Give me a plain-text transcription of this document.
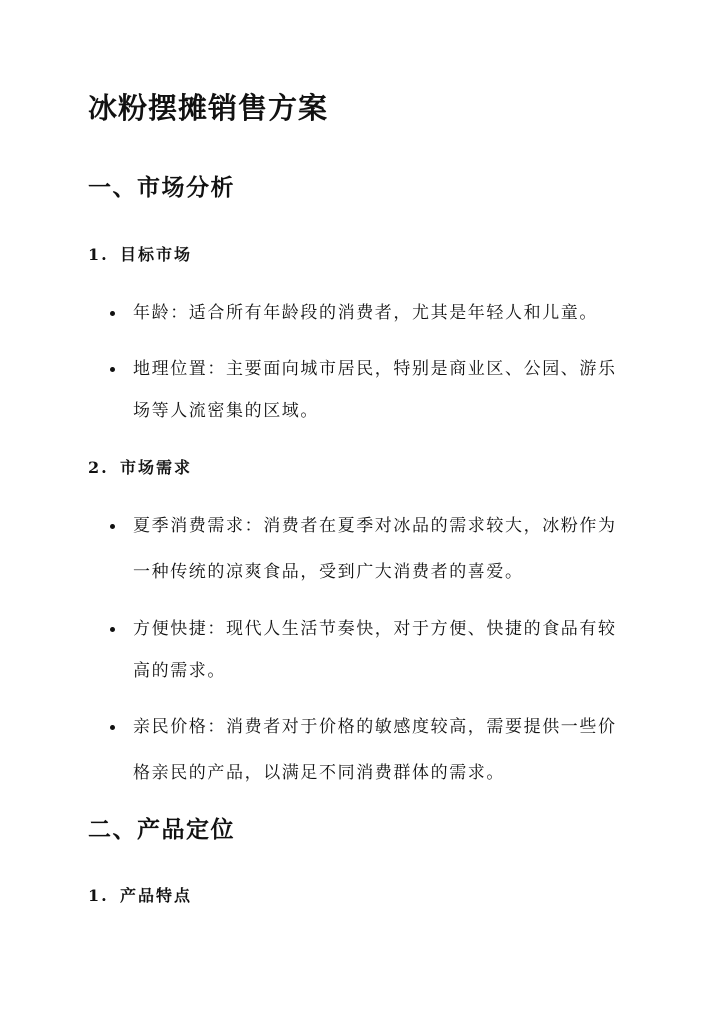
冰粉摆摊销售方案
一、市场分析
1. 目标市场
年龄：适合所有年龄段的消费者，尤其是年轻人和儿童。
地理位置：主要面向城市居民，特别是商业区、公园、游乐
场等人流密集的区域。
2. 市场需求
夏季消费需求：消费者在夏季对冰品的需求较大，冰粉作为
一种传统的凉爽食品，受到广大消费者的喜爱。
方便快捷：现代人生活节奏快，对于方便、快捷的食品有较
高的需求。
亲民价格：消费者对于价格的敏感度较高，需要提供一些价
格亲民的产品，以满足不同消费群体的需求。
二、产品定位
1. 产品特点
